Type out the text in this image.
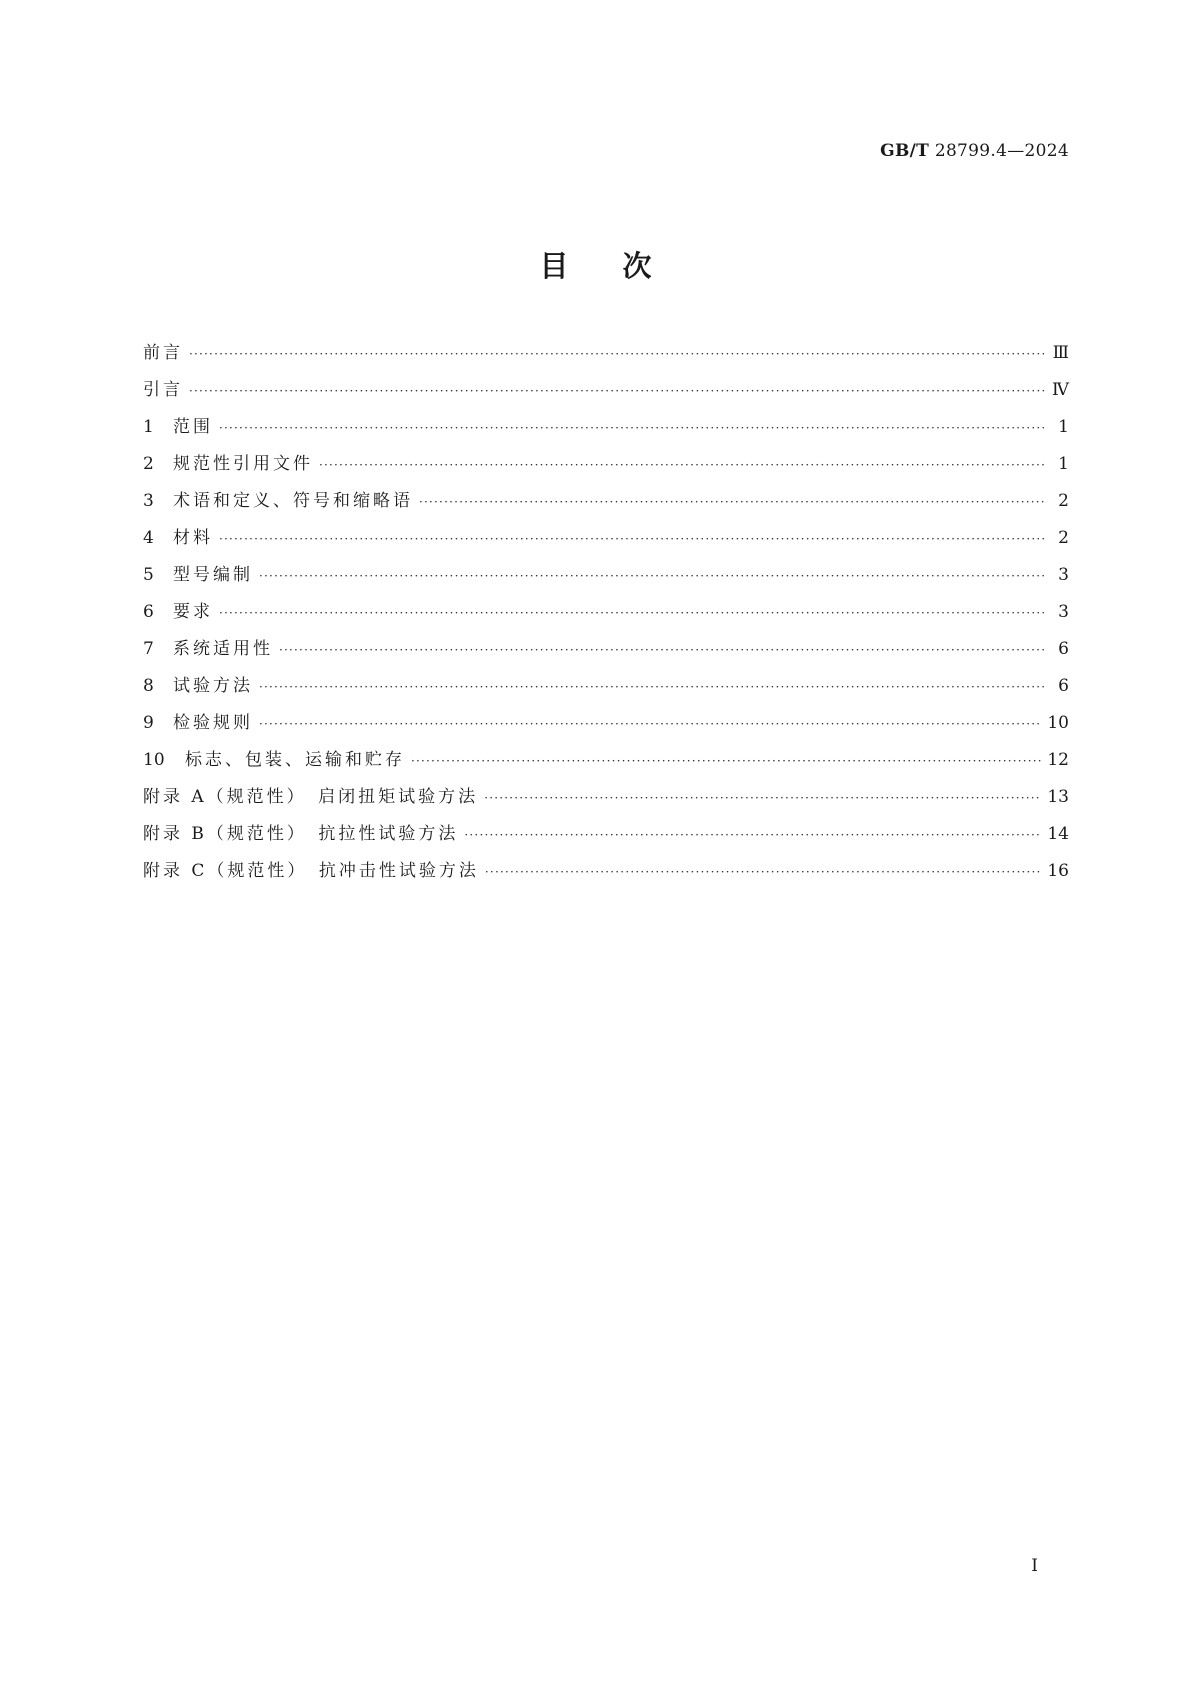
GB/T 28799.4—2024
目次
前言 ·····	Ⅲ
引言 ·····	Ⅳ
1	范围 ·····	1
2	规范性引用文件 ·····	1
3	术语和定义、符号和缩略语 ·····	2
4	材料 ·····	2
5	型号编制 ·····	3
6	要求 ·····	3
7	系统适用性 ·····	6
8	试验方法 ·····	6
9	检验规则 ·····	10
10	标志、包装、运输和贮存 ·····	12
附录 A（规范性）　启闭扭矩试验方法 ·····	13
附录 B（规范性）　抗拉性试验方法 ·····	14
附录 C（规范性）　抗冲击性试验方法 ·····	16
Ⅰ
